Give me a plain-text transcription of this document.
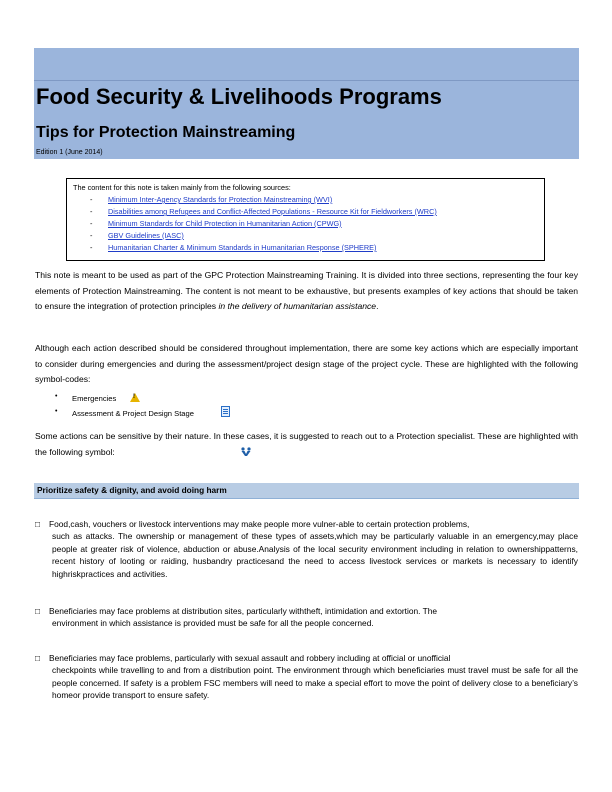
Food Security & Livelihoods Programs
Tips for Protection Mainstreaming
Edition 1 (June 2014)
The content for this note is taken mainly from the following sources:
- Minimum Inter-Agency Standards for Protection Mainstreaming (WVI)
- Disabilities among Refugees and Conflict-Affected Populations - Resource Kit for Fieldworkers (WRC)
- Minimum Standards for Child Protection in Humanitarian Action (CPWG)
- GBV Guidelines (IASC)
- Humanitarian Charter & Minimum Standards in Humanitarian Response (SPHERE)
This note is meant to be used as part of the GPC Protection Mainstreaming Training. It is divided into three sections, representing the four key elements of Protection Mainstreaming. The content is not meant to be exhaustive, but presents examples of key actions that should be taken to ensure the integration of protection principles in the delivery of humanitarian assistance.
Although each action described should be considered throughout implementation, there are some key actions which are especially important to consider during emergencies and during the assessment/project design stage of the project cycle. These are highlighted with the following symbol-codes:
• Emergencies	!
• Assessment & Project Design Stage
Some actions can be sensitive by their nature. In these cases, it is suggested to reach out to a Protection specialist. These are highlighted with the following symbol:
Prioritize safety & dignity, and avoid doing harm
□ Food,cash, vouchers or livestock interventions may make people more vulner-able to certain protection problems,
such as attacks. The ownership or management of these types of assets,which may be particularly valuable in an emergency,may place people at greater risk of violence, abduction or abuse.Analysis of the local security environment including in relation to ownershippatterns, recent history of looting or raiding, husbandry practicesand the need to access livestock services or markets is necessary to identify highriskpractices and activities.
□ Beneficiaries may face problems at distribution sites, particularly withtheft, intimidation and extortion. The
environment in which assistance is provided must be safe for all the people concerned.
□ Beneficiaries may face problems, particularly with sexual assault and robbery including at official or unofficial
checkpoints while travelling to and from a distribution point. The environment through which beneficiaries must travel must be safe for all the people concerned. If safety is a problem FSC members will need to make a special effort to move the point of delivery close to a beneficiary’s homeor provide transport to ensure safety.
